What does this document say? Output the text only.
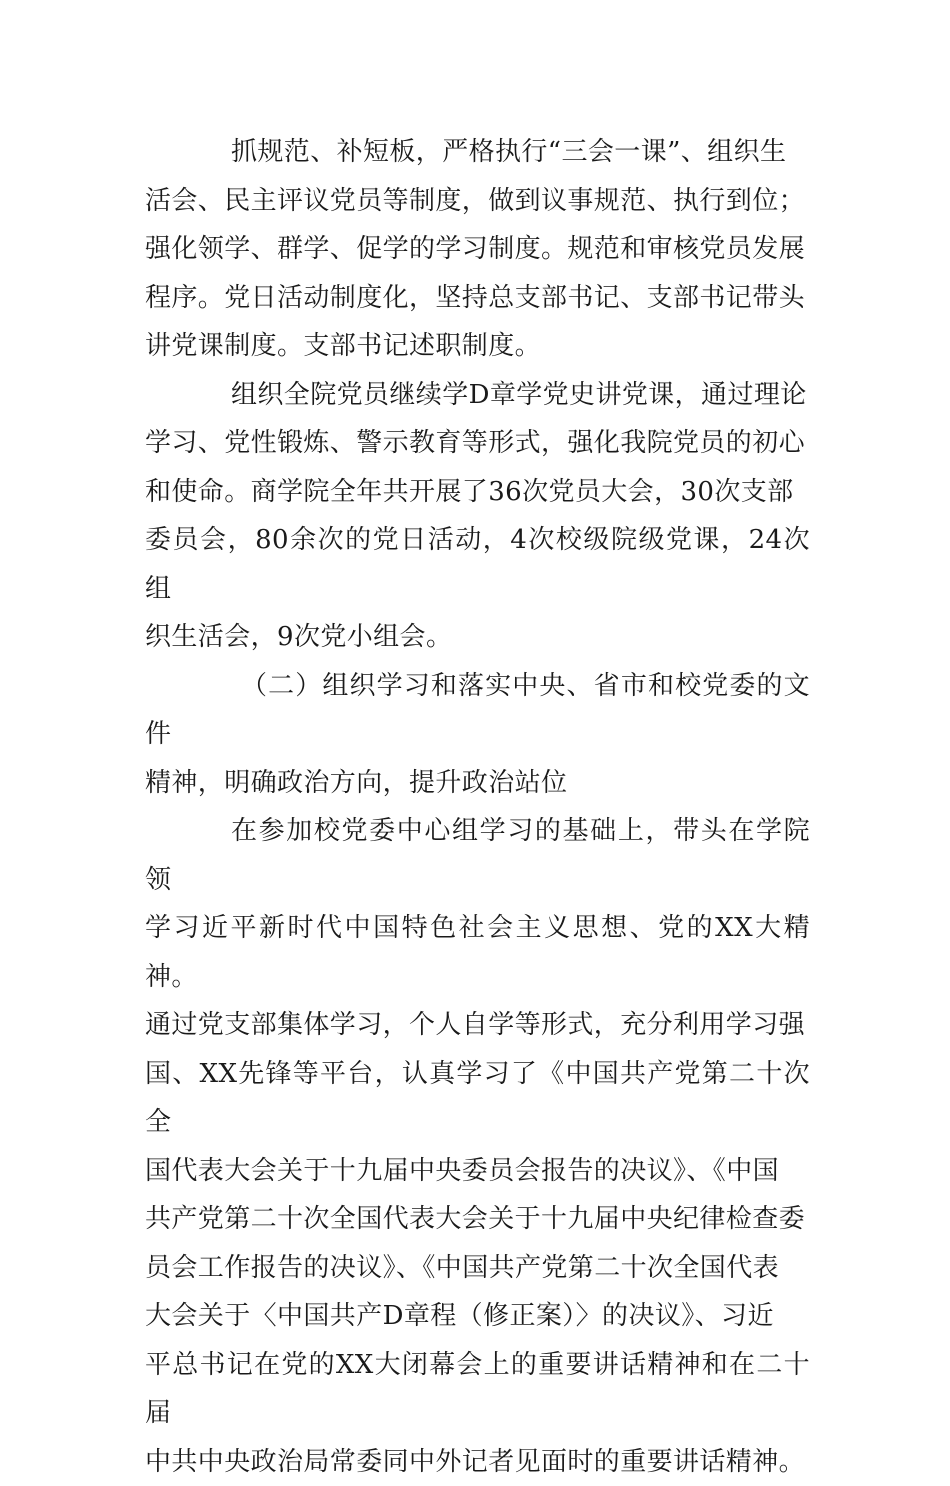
抓规范、补短板，严格执行“三会一课”、组织生
活会、民主评议党员等制度，做到议事规范、执行到位；
强化领学、群学、促学的学习制度。规范和审核党员发展
程序。党日活动制度化，坚持总支部书记、支部书记带头
讲党课制度。支部书记述职制度。

组织全院党员继续学D章学党史讲党课，通过理论
学习、党性锻炼、警示教育等形式，强化我院党员的初心
和使命。商学院全年共开展了36次党员大会，30次支部
委员会，80余次的党日活动，4次校级院级党课，24次组
织生活会，9次党小组会。

（二）组织学习和落实中央、省市和校党委的文件
精神，明确政治方向，提升政治站位

在参加校党委中心组学习的基础上，带头在学院领
学习近平新时代中国特色社会主义思想、党的XX大精神。
通过党支部集体学习，个人自学等形式，充分利用学习强
国、XX先锋等平台，认真学习了《中国共产党第二十次全
国代表大会关于十九届中央委员会报告的决议》、《中国
共产党第二十次全国代表大会关于十九届中央纪律检查委
员会工作报告的决议》、《中国共产党第二十次全国代表
大会关于〈中国共产D章程（修正案）〉的决议》、习近
平总书记在党的XX大闭幕会上的重要讲话精神和在二十届
中共中央政治局常委同中外记者见面时的重要讲话精神。
